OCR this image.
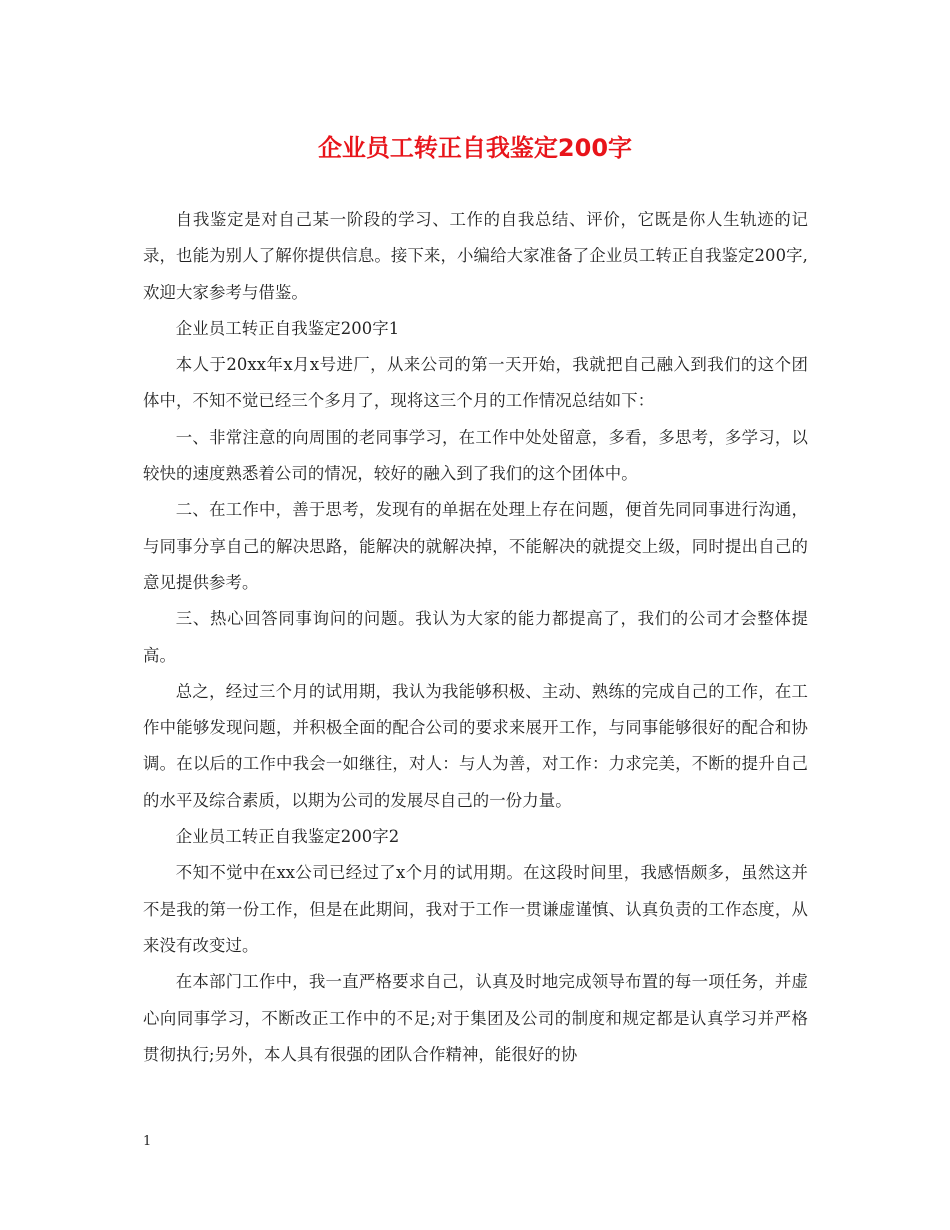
企业员工转正自我鉴定200字

自我鉴定是对自己某一阶段的学习、工作的自我总结、评价，它既是你人生轨迹的记录，也能为别人了解你提供信息。接下来，小编给大家准备了企业员工转正自我鉴定200字,欢迎大家参考与借鉴。

企业员工转正自我鉴定200字1

本人于20xx年x月x号进厂，从来公司的第一天开始，我就把自己融入到我们的这个团体中，不知不觉已经三个多月了，现将这三个月的工作情况总结如下：

一、非常注意的向周围的老同事学习，在工作中处处留意，多看，多思考，多学习，以较快的速度熟悉着公司的情况，较好的融入到了我们的这个团体中。

二、在工作中，善于思考，发现有的单据在处理上存在问题，便首先同同事进行沟通，与同事分享自己的解决思路，能解决的就解决掉，不能解决的就提交上级，同时提出自己的意见提供参考。

三、热心回答同事询问的问题。我认为大家的能力都提高了，我们的公司才会整体提高。

总之，经过三个月的试用期，我认为我能够积极、主动、熟练的完成自己的工作，在工作中能够发现问题，并积极全面的配合公司的要求来展开工作，与同事能够很好的配合和协调。在以后的工作中我会一如继往，对人：与人为善，对工作：力求完美，不断的提升自己的水平及综合素质，以期为公司的发展尽自己的一份力量。

企业员工转正自我鉴定200字2

不知不觉中在xx公司已经过了x个月的试用期。在这段时间里，我感悟颇多，虽然这并不是我的第一份工作，但是在此期间，我对于工作一贯谦虚谨慎、认真负责的工作态度，从来没有改变过。

在本部门工作中，我一直严格要求自己，认真及时地完成领导布置的每一项任务，并虚心向同事学习，不断改正工作中的不足;对于集团及公司的制度和规定都是认真学习并严格贯彻执行;另外，本人具有很强的团队合作精神，能很好的协

1
